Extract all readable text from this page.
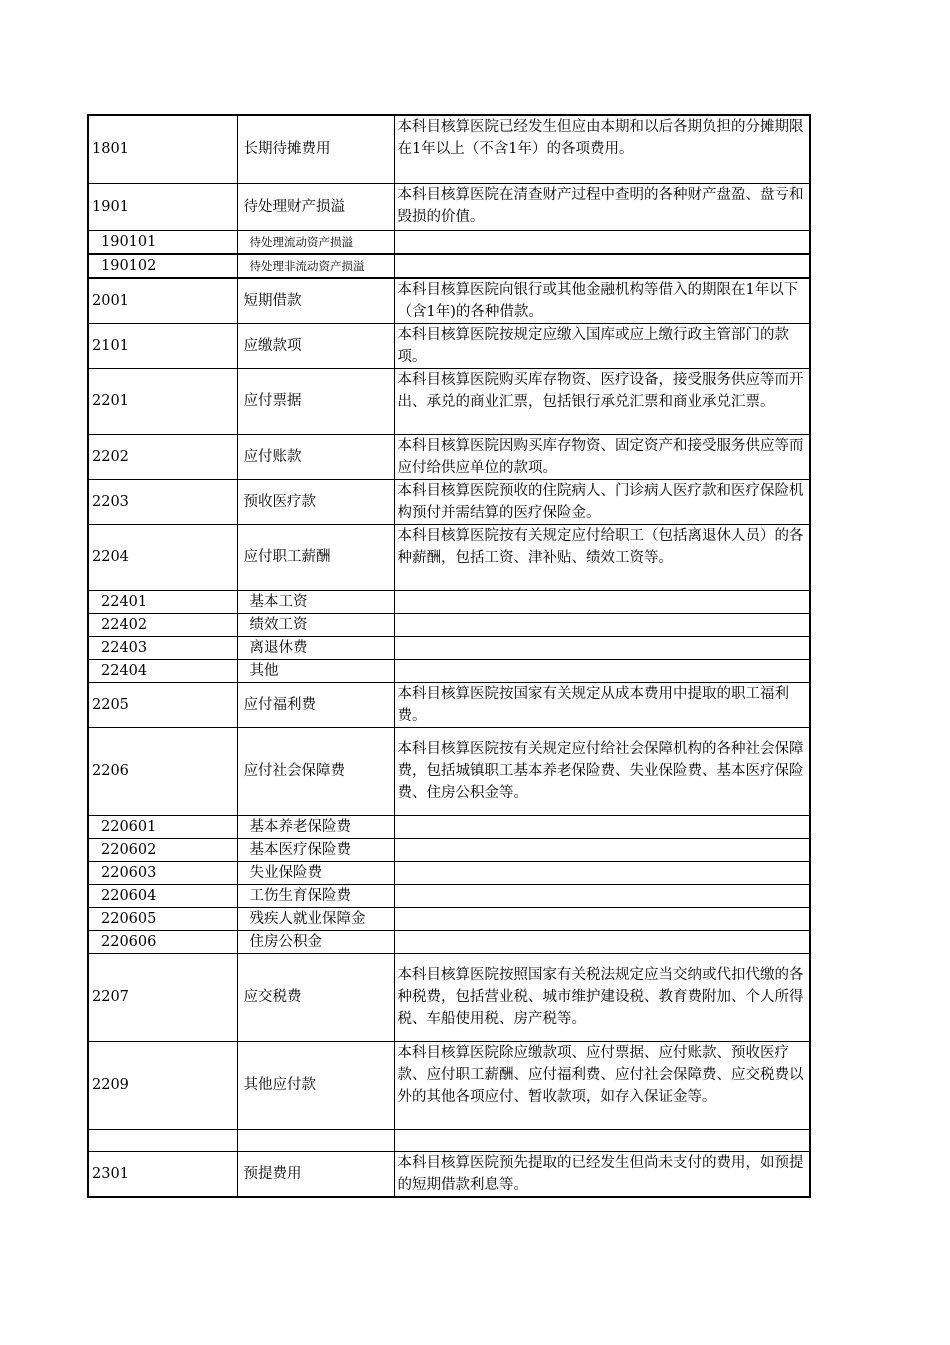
1801	长期待摊费用	本科目核算医院已经发生但应由本期和以后各期负担的分摊期限在1年以上（不含1年）的各项费用。
1901	待处理财产损溢	本科目核算医院在清查财产过程中查明的各种财产盘盈、盘亏和毁损的价值。
190101	待处理流动资产损溢	
190102	待处理非流动资产损溢	
2001	短期借款	本科目核算医院向银行或其他金融机构等借入的期限在1年以下（含1年)的各种借款。
2101	应缴款项	本科目核算医院按规定应缴入国库或应上缴行政主管部门的款项。
2201	应付票据	本科目核算医院购买库存物资、医疗设备，接受服务供应等而开出、承兑的商业汇票，包括银行承兑汇票和商业承兑汇票。
2202	应付账款	本科目核算医院因购买库存物资、固定资产和接受服务供应等而应付给供应单位的款项。
2203	预收医疗款	本科目核算医院预收的住院病人、门诊病人医疗款和医疗保险机构预付并需结算的医疗保险金。
2204	应付职工薪酬	本科目核算医院按有关规定应付给职工（包括离退休人员）的各种薪酬，包括工资、津补贴、绩效工资等。
22401	基本工资	
22402	绩效工资	
22403	离退休费	
22404	其他	
2205	应付福利费	本科目核算医院按国家有关规定从成本费用中提取的职工福利费。
2206	应付社会保障费	本科目核算医院按有关规定应付给社会保障机构的各种社会保障费，包括城镇职工基本养老保险费、失业保险费、基本医疗保险费、住房公积金等。
220601	基本养老保险费	
220602	基本医疗保险费	
220603	失业保险费	
220604	工伤生育保险费	
220605	残疾人就业保障金	
220606	住房公积金	
2207	应交税费	本科目核算医院按照国家有关税法规定应当交纳或代扣代缴的各种税费，包括营业税、城市维护建设税、教育费附加、个人所得税、车船使用税、房产税等。
2209	其他应付款	本科目核算医院除应缴款项、应付票据、应付账款、预收医疗款、应付职工薪酬、应付福利费、应付社会保障费、应交税费以外的其他各项应付、暂收款项，如存入保证金等。

2301	预提费用	本科目核算医院预先提取的已经发生但尚未支付的费用，如预提的短期借款利息等。
